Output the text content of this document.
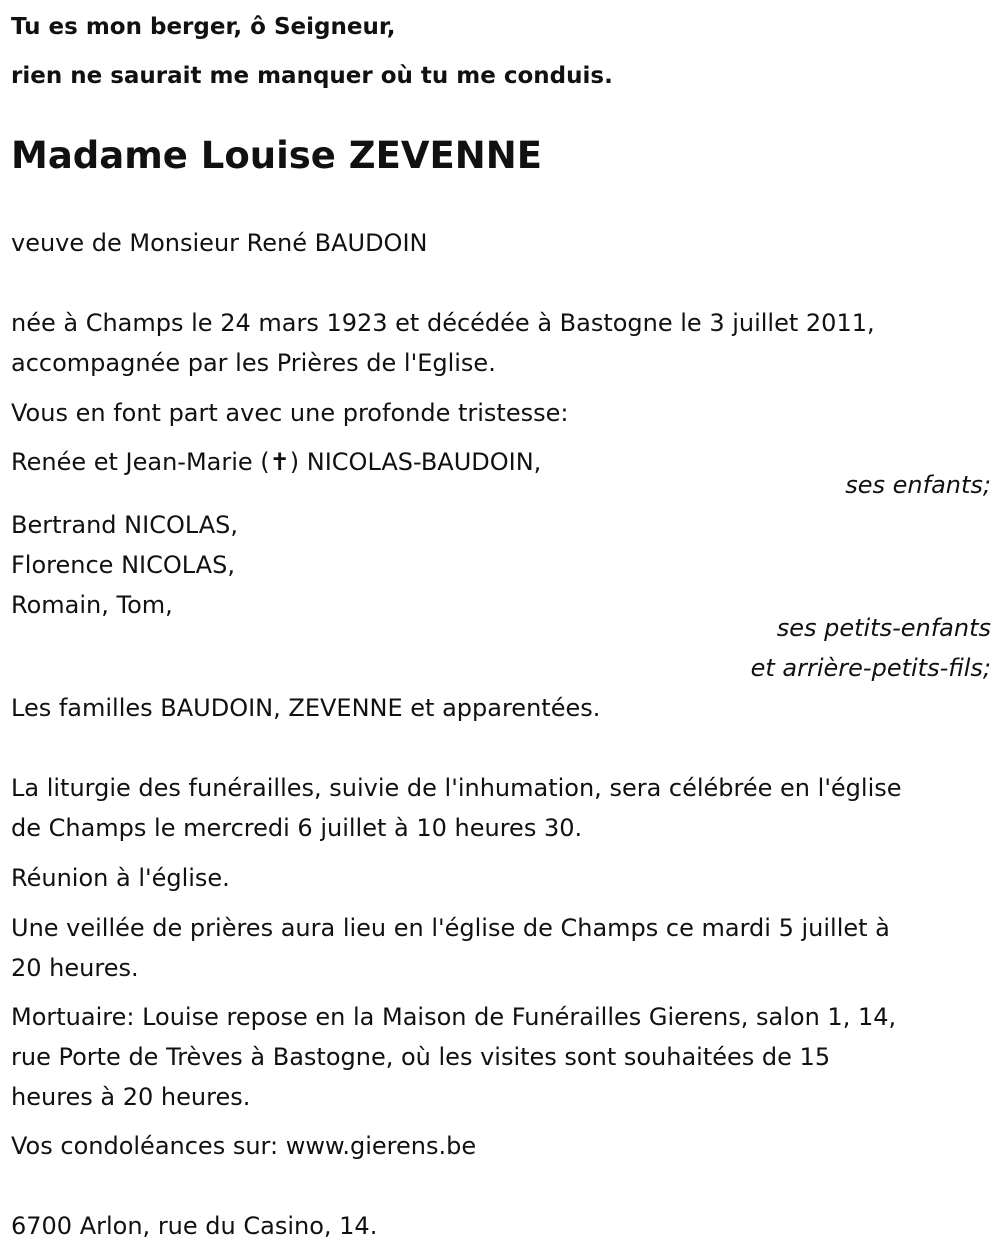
Tu es mon berger, ô Seigneur,
rien ne saurait me manquer où tu me conduis.
Madame Louise ZEVENNE
veuve de Monsieur René BAUDOIN
née à Champs le 24 mars 1923 et décédée à Bastogne le 3 juillet 2011,
accompagnée par les Prières de l'Eglise.
Vous en font part avec une profonde tristesse:
Renée et Jean-Marie (✝) NICOLAS-BAUDOIN,
ses enfants;
Bertrand NICOLAS,
Florence NICOLAS,
Romain, Tom,
ses petits-enfants
et arrière-petits-fils;
Les familles BAUDOIN, ZEVENNE et apparentées.
La liturgie des funérailles, suivie de l'inhumation, sera célébrée en l'église
de Champs le mercredi 6 juillet à 10 heures 30.
Réunion à l'église.
Une veillée de prières aura lieu en l'église de Champs ce mardi 5 juillet à
20 heures.
Mortuaire: Louise repose en la Maison de Funérailles Gierens, salon 1, 14,
rue Porte de Trèves à Bastogne, où les visites sont souhaitées de 15
heures à 20 heures.
Vos condoléances sur: www.gierens.be
6700 Arlon, rue du Casino, 14.
